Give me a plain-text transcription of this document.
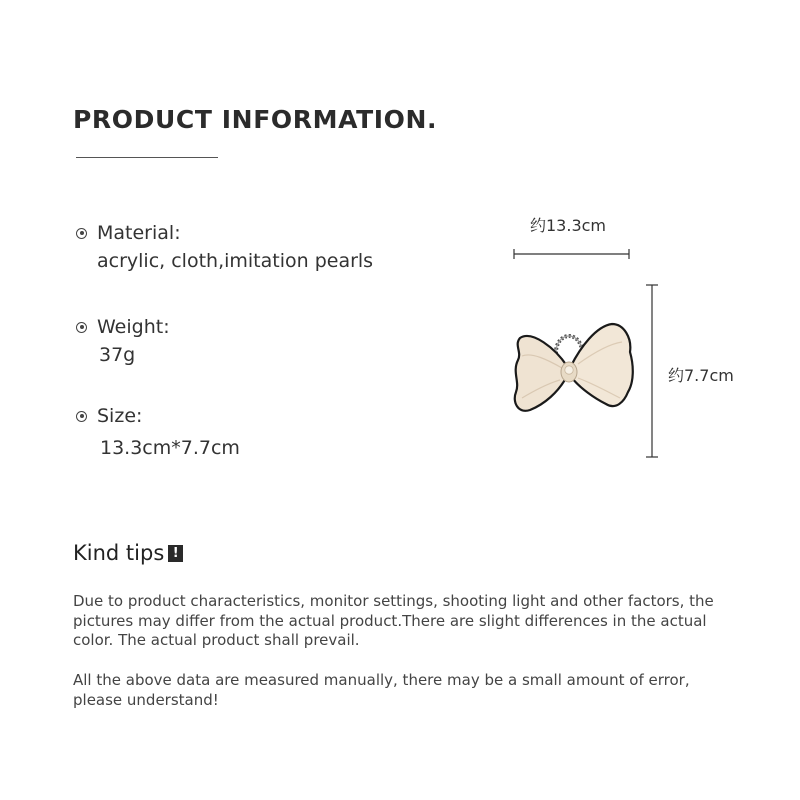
PRODUCT INFORMATION.
Material:
acrylic, cloth,imitation pearls
Weight:
37g
Size:
13.3cm*7.7cm
约13.3cm
约7.7cm
Kind tips !
Due to product characteristics, monitor settings, shooting light and other factors, the pictures may differ from the actual product.There are slight differences in the actual color. The actual product shall prevail.
All the above data are measured manually, there may be a small amount of error, please understand!
